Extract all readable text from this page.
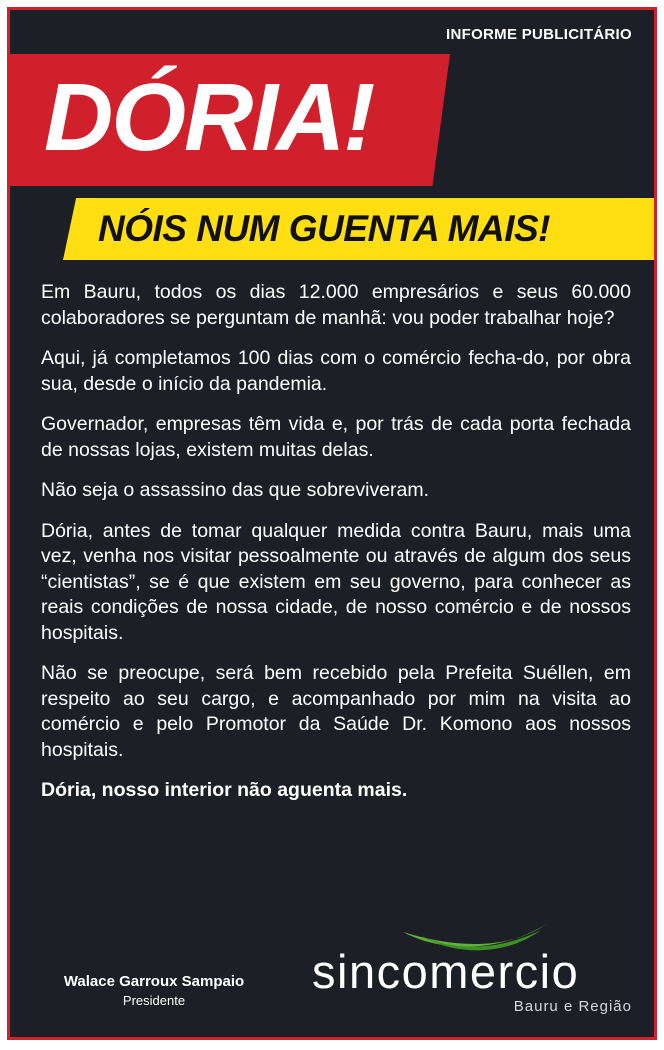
INFORME PUBLICITÁRIO
DÓRIA!
NÓIS NUM GUENTA MAIS!

Em Bauru, todos os dias 12.000 empresários e seus 60.000 colaboradores se perguntam de manhã: vou poder trabalhar hoje?

Aqui, já completamos 100 dias com o comércio fecha-do, por obra sua, desde o início da pandemia.

Governador, empresas têm vida e, por trás de cada porta fechada de nossas lojas, existem muitas delas.

Não seja o assassino das que sobreviveram.

Dória, antes de tomar qualquer medida contra Bauru, mais uma vez, venha nos visitar pessoalmente ou através de algum dos seus “cientistas”, se é que existem em seu governo, para conhecer as reais condições de nossa cidade, de nosso comércio e de nossos hospitais.

Não se preocupe, será bem recebido pela Prefeita Suéllen, em respeito ao seu cargo, e acompanhado por mim na visita ao comércio e pelo Promotor da Saúde Dr. Komono aos nossos hospitais.

Dória, nosso interior não aguenta mais.

Walace Garroux Sampaio
Presidente
sincomercio
Bauru e Região
